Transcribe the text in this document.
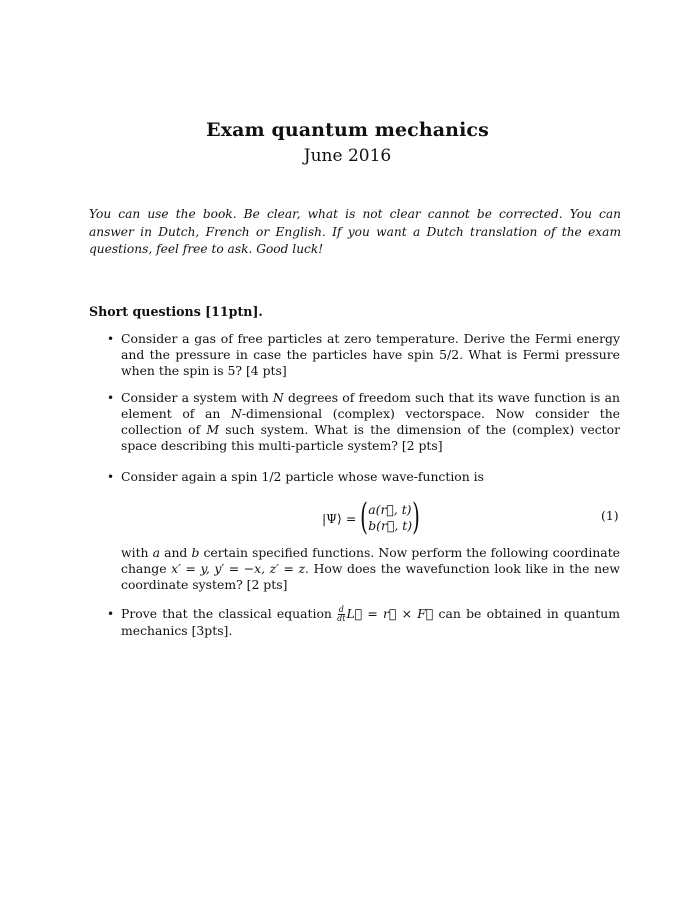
Exam quantum mechanics
June 2016
You can use the book. Be clear, what is not clear cannot be corrected. You can answer in Dutch, French or English. If you want a Dutch translation of the exam questions, feel free to ask. Good luck!
Short questions [11ptn].
• Consider a gas of free particles at zero temperature. Derive the Fermi energy and the pressure in case the particles have spin 5/2. What is Fermi pressure when the spin is 5? [4 pts]
• Consider a system with N degrees of freedom such that its wave function is an element of an N-dimensional (complex) vectorspace. Now consider the collection of M such system. What is the dimension of the (complex) vector space describing this multi-particle system? [2 pts]
• Consider again a spin 1/2 particle whose wave-function is
|Ψ⟩ = ( a(r⃗, t)
b(r⃗, t) )	(1)
with a and b certain specified functions. Now perform the following coordinate change x′ = y, y′ = −x, z′ = z. How does the wavefunction look like in the new coordinate system? [2 pts]
• Prove that the classical equation $\frac{d}{dt}$ L⃗ = r⃗ × F⃗ can be obtained in quantum mechanics [3pts].
